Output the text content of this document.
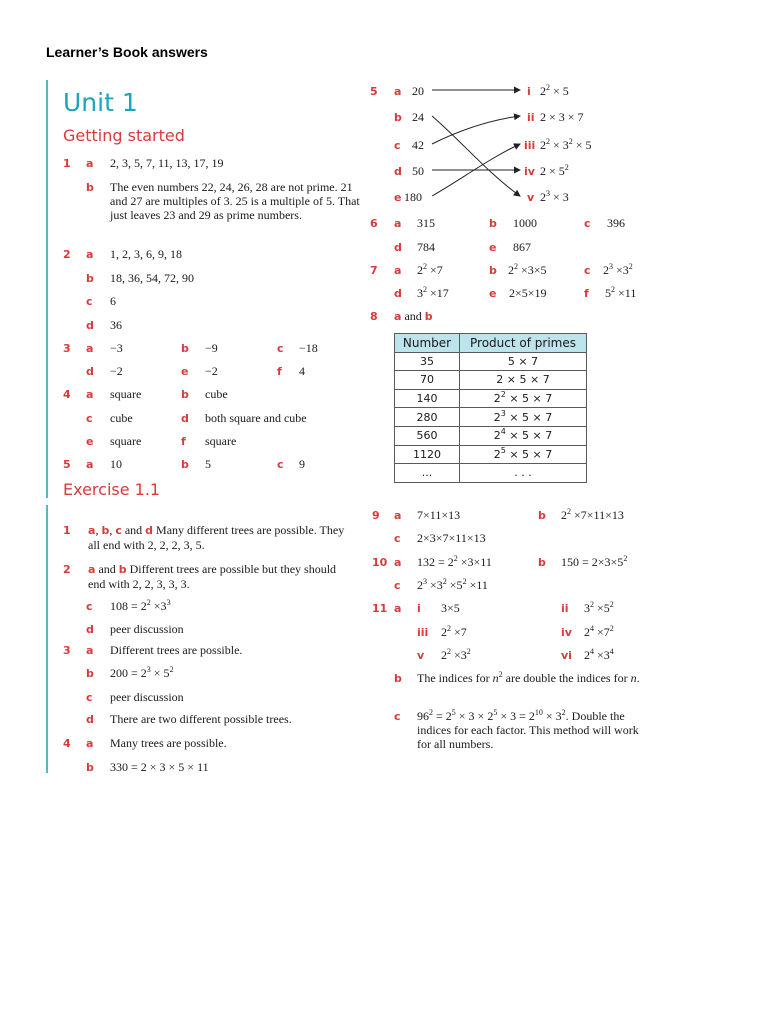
Learner’s Book answers
Unit 1
Getting started
Exercise 1.1
1 a 2, 3, 5, 7, 11, 13, 17, 19
b The even numbers 22, 24, 26, 28 are not prime. 21 and 27 are multiples of 3. 25 is a multiple of 5. That just leaves 23 and 29 as prime numbers.
2 a 1, 2, 3, 6, 9, 18
b 18, 36, 54, 72, 90
c 6
d 36
3 a −3	b −9	c −18
d −2	e −2	f 4
4 a square	b cube
c cube	d both square and cube
e square	f square
5 a 10	b 5	c 9
1 a, b, c and d Many different trees are possible. They all end with 2, 2, 2, 3, 5.
2 a and b Different trees are possible but they should end with 2, 2, 3, 3, 3.
c $108 = 2^2 \times 3^3$
d peer discussion
3 a Different trees are possible.
b $200 = 2^3 \times 5^2$
c peer discussion
d There are two different possible trees.
4 a Many trees are possible.
b 330 = 2 × 3 × 5 × 11
5 a 20	i $2^2 \times 5$
b 24	ii 2 × 3 × 7
c 42	iii $2^2 \times 3^2 \times 5$
d 50	iv $2 \times 5^2$
e 180	v $2^3 \times 3$
6 a 315	b 1000	c 396
d 784	e 867
7 a $2^2 \times 7$	b $2^2 \times 3\times 5$	c $2^3 \times 3^2$
d $3^2 \times 17$	e 2×5×19	f $5^2 \times 11$
8 a and b
9 a 7×11×13	b $2^2 \times 7\times 11\times 13$
c 2×3×7×11×13
10 a $132 = 2^2 \times 3\times 11$	b $150 = 2\times 3\times 5^2$
c $2^3 \times 3^2 \times 5^2 \times 11$
11 a i 3×5	ii $3^2 \times 5^2$
iii $2^2 \times 7$	iv $2^4 \times 7^2$
v $2^2 \times 3^2$	vi $2^4 \times 3^4$
b The indices for $n^2$ are double the indices for n.
c $96^2 = 2^5 \times 3 \times 2^5 \times 3 = 2^{10} \times 3^2$. Double the indices for each factor. This method will work for all numbers.
Number	Product of primes
35	5 × 7
70	2 × 5 × 7
140	$2^2 \times 5 \times 7$
280	$2^3 \times 5 \times 7$
560	$2^4 \times 5 \times 7$
1120	$2^5 \times 5 \times 7$
...	. . .
